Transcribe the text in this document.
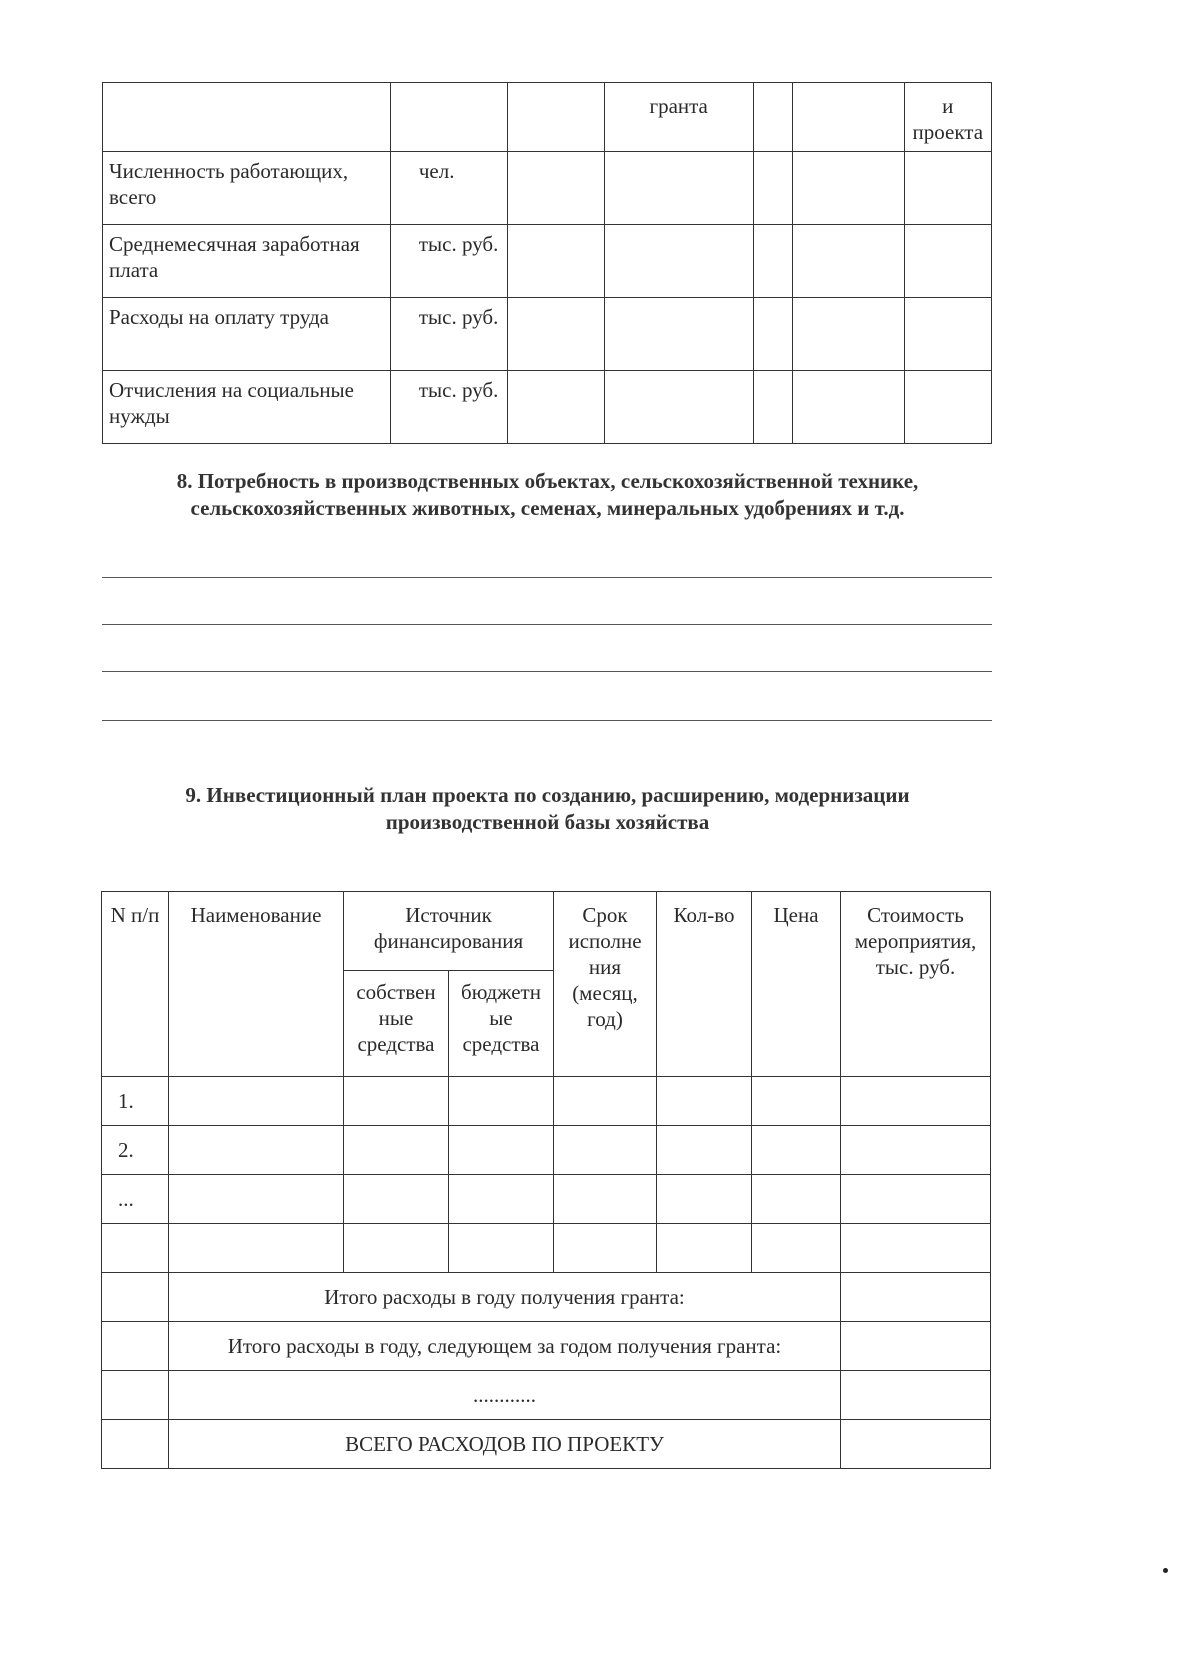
			гранта			и проекта
Численность работающих, всего	чел.					
Среднемесячная заработная плата	тыс. руб.					
Расходы на оплату труда	тыс. руб.					
Отчисления на социальные нужды	тыс. руб.					
8. Потребность в производственных объектах, сельскохозяйственной технике, сельскохозяйственных животных, семенах, минеральных удобрениях и т.д.
9. Инвестиционный план проекта по созданию, расширению, модернизации производственной базы хозяйства
N п/п	Наименование	Источник финансирования		Срок исполне ния (месяц, год)	Кол-во	Цена	Стоимость мероприятия, тыс. руб.
		собствен ные средства	бюджетн ые средства				
1.							
2.							
...							

	Итого расходы в году получения гранта:						
	Итого расходы в году, следующем за годом получения гранта:						
	............						
	ВСЕГО РАСХОДОВ ПО ПРОЕКТУ						
